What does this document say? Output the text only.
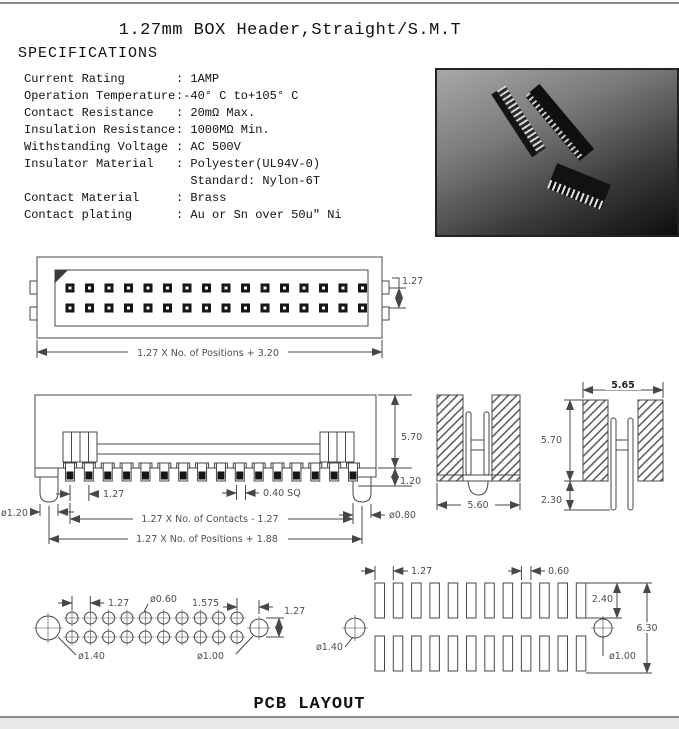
1.27mm BOX Header,Straight/S.M.T
SPECIFICATIONS
Current Rating	: 1AMP
Operation Temperature :-40° C to+105° C
Contact Resistance	: 20mΩ Max.
Insulation Resistance : 1000MΩ Min.
Withstanding Voltage : AC 500V
Insulator Material	: Polyester(UL94V-0)
Standard: Nylon-6T
Contact Material	: Brass
Contact plating	: Au or Sn over 50u" Ni
1.27 X No. of Positions + 3.20
1.27
5.70
1.20
1.27	0.40 SQ
ø1.20	ø0.80
1.27 X No. of Contacts - 1.27
1.27 X No. of Positions + 1.88
5.60
5.65
5.70
2.30
1.27 ø0.60 1.575
1.27
ø1.40	ø1.00
1.27	0.60
2.40
6.30
ø1.40
ø1.00
PCB LAYOUT
